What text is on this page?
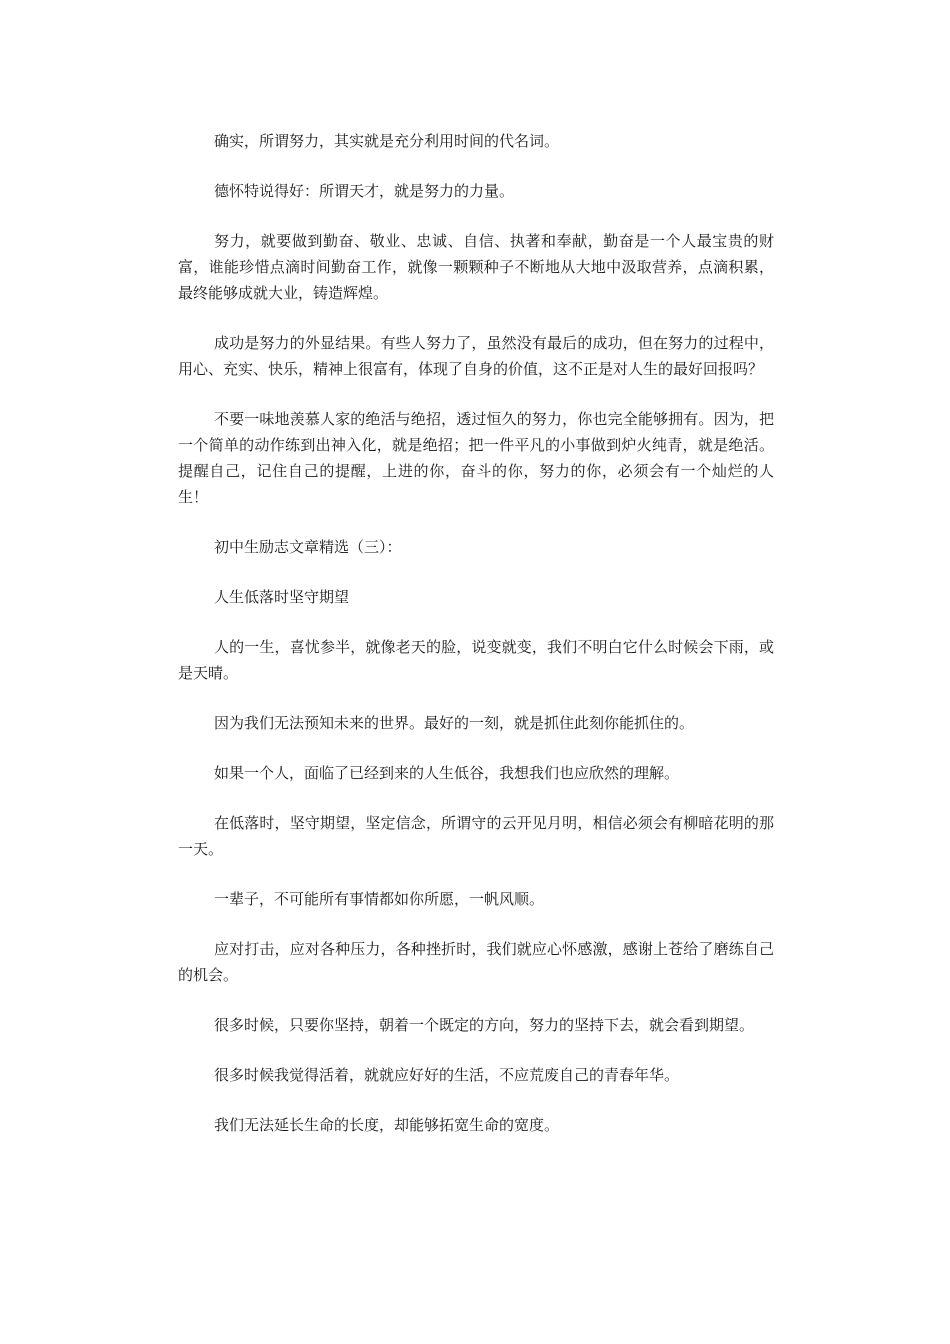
确实，所谓努力，其实就是充分利用时间的代名词。

德怀特说得好：所谓天才，就是努力的力量。

努力，就要做到勤奋、敬业、忠诚、自信、执著和奉献，勤奋是一个人最宝贵的财富，谁能珍惜点滴时间勤奋工作，就像一颗颗种子不断地从大地中汲取营养，点滴积累，最终能够成就大业，铸造辉煌。

成功是努力的外显结果。有些人努力了，虽然没有最后的成功，但在努力的过程中，用心、充实、快乐，精神上很富有，体现了自身的价值，这不正是对人生的最好回报吗？

不要一味地羡慕人家的绝活与绝招，透过恒久的努力，你也完全能够拥有。因为，把一个简单的动作练到出神入化，就是绝招；把一件平凡的小事做到炉火纯青，就是绝活。提醒自己，记住自己的提醒，上进的你，奋斗的你，努力的你，必须会有一个灿烂的人生！

初中生励志文章精选（三）：

人生低落时坚守期望

人的一生，喜忧参半，就像老天的脸，说变就变，我们不明白它什么时候会下雨，或是天晴。

因为我们无法预知未来的世界。最好的一刻，就是抓住此刻你能抓住的。

如果一个人，面临了已经到来的人生低谷，我想我们也应欣然的理解。

在低落时，坚守期望，坚定信念，所谓守的云开见月明，相信必须会有柳暗花明的那一天。

一辈子，不可能所有事情都如你所愿，一帆风顺。

应对打击，应对各种压力，各种挫折时，我们就应心怀感激，感谢上苍给了磨练自己的机会。

很多时候，只要你坚持，朝着一个既定的方向，努力的坚持下去，就会看到期望。

很多时候我觉得活着，就就应好好的生活，不应荒废自己的青春年华。

我们无法延长生命的长度，却能够拓宽生命的宽度。
